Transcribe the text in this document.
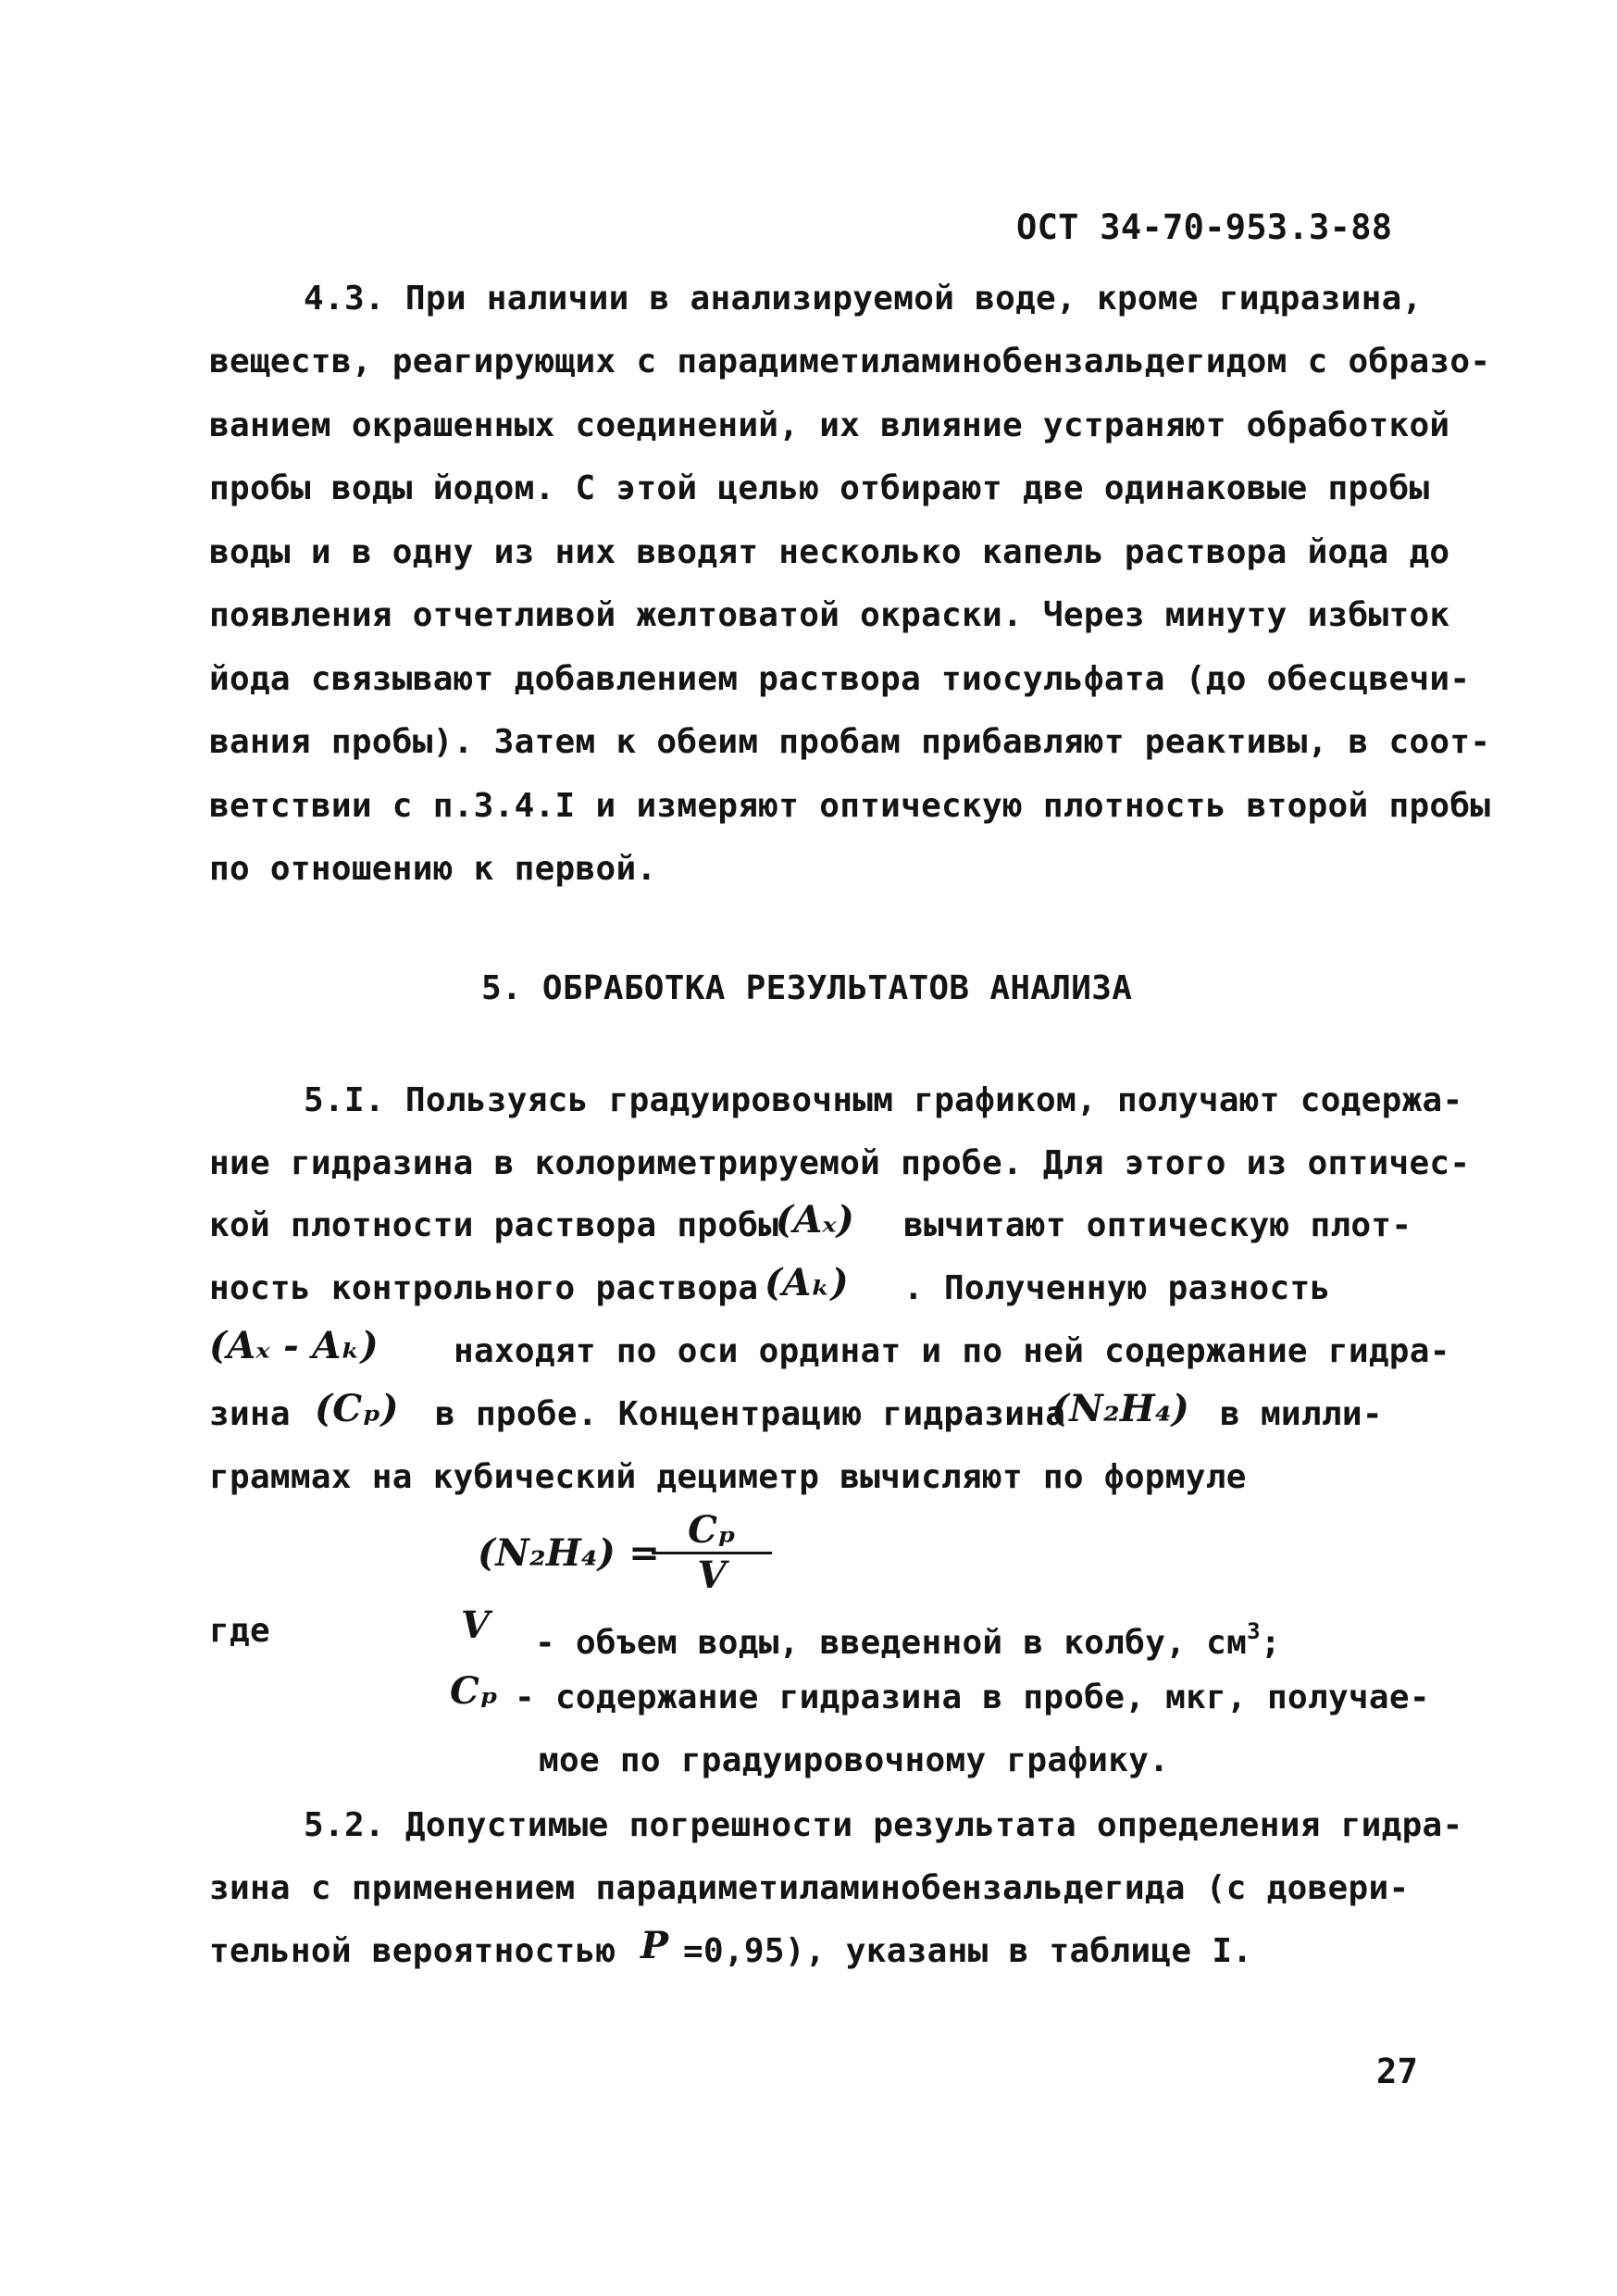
ОСТ 34-70-953.3-88
4.3. При наличии в анализируемой воде, кроме гидразина,
веществ, реагирующих с парадиметиламинобензальдегидом с образо-
ванием окрашенных соединений, их влияние устраняют обработкой
пробы воды йодом. С этой целью отбирают две одинаковые пробы
воды и в одну из них вводят несколько капель раствора йода до
появления отчетливой желтоватой окраски. Через минуту избыток
йода связывают добавлением раствора тиосульфата (до обесцвечи-
вания пробы). Затем к обеим пробам прибавляют реактивы, в соот-
ветствии с п.3.4.I и измеряют оптическую плотность второй пробы
по отношению к первой.
5. ОБРАБОТКА РЕЗУЛЬТАТОВ АНАЛИЗА
5.I. Пользуясь градуировочным графиком, получают содержа-
ние гидразина в колориметрируемой пробе. Для этого из оптичес-
кой плотности раствора пробы
(Aₓ) вычитают оптическую плот-
ность контрольного раствора (Aₖ) . Полученную разность
(Aₓ - Aₖ) находят по оси ординат и по ней содержание гидра-
зина (Cₚ) в пробе. Концентрацию гидразина
(N₂H₄) в милли-
граммах на кубический дециметр вычисляют по формуле
(N₂H₄) =
Cₚ
V
где	V - объем воды, введенной в колбу, $см^3$;
Cₚ - содержание гидразина в пробе, мкг, получае-
мое по градуировочному графику.
5.2. Допустимые погрешности результата определения гидра-
зина с применением парадиметиламинобензальдегида (с довери-
тельной вероятностью P =0,95), указаны в таблице I.
27
